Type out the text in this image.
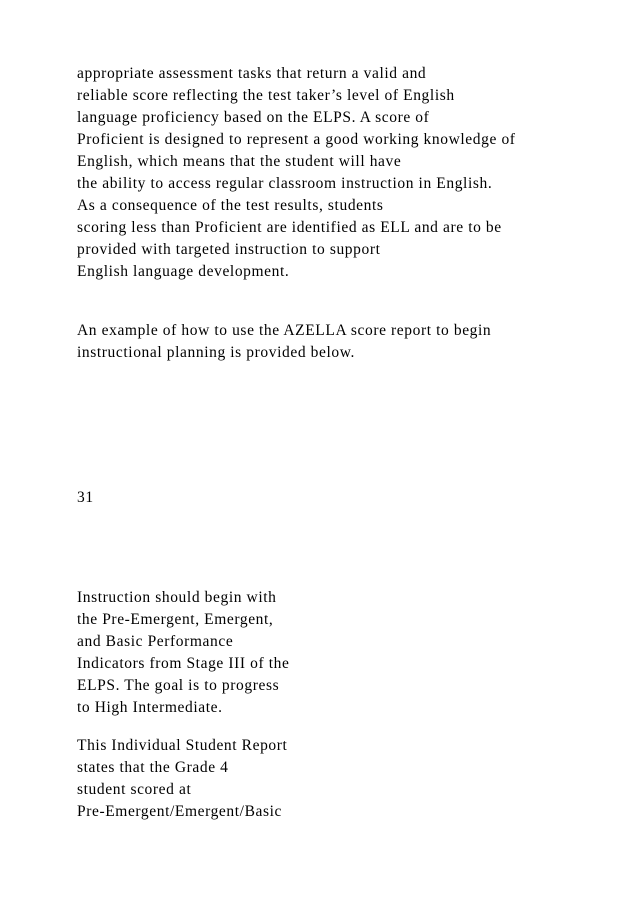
appropriate assessment tasks that return a valid and
reliable score reflecting the test taker’s level of English
language proficiency based on the ELPS. A score of
Proficient is designed to represent a good working knowledge of
English, which means that the student will have
the ability to access regular classroom instruction in English.
As a consequence of the test results, students
scoring less than Proficient are identified as ELL and are to be
provided with targeted instruction to support
English language development.
An example of how to use the AZELLA score report to begin
instructional planning is provided below.
31
Instruction should begin with
the Pre-Emergent, Emergent,
and Basic Performance
Indicators from Stage III of the
ELPS. The goal is to progress
to High Intermediate.
This Individual Student Report
states that the Grade 4
student scored at
Pre-Emergent/Emergent/Basic
